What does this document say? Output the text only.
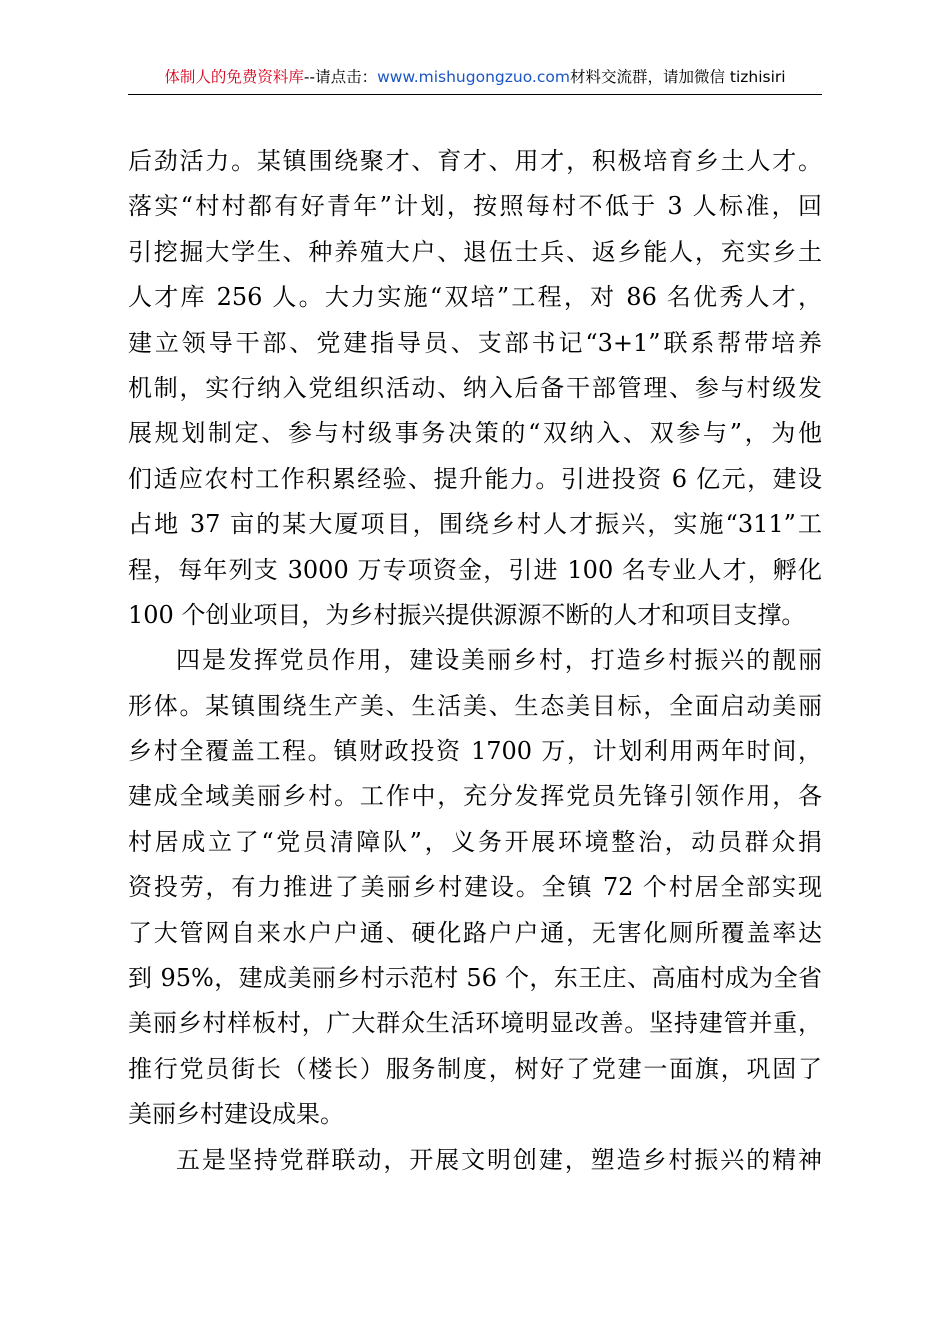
体制人的免费资料库--请点击：www.mishugongzuo.com材料交流群，请加微信 tizhisiri
后劲活力。某镇围绕聚才、育才、用才，积极培育乡土人才。
落实“村村都有好青年”计划，按照每村不低于 3 人标准，回
引挖掘大学生、种养殖大户、退伍士兵、返乡能人，充实乡土
人才库 256 人。大力实施“双培”工程，对 86 名优秀人才，
建立领导干部、党建指导员、支部书记“3+1”联系帮带培养
机制，实行纳入党组织活动、纳入后备干部管理、参与村级发
展规划制定、参与村级事务决策的“双纳入、双参与”，为他
们适应农村工作积累经验、提升能力。引进投资 6 亿元，建设
占地 37 亩的某大厦项目，围绕乡村人才振兴，实施“311”工
程，每年列支 3000 万专项资金，引进 100 名专业人才，孵化
100 个创业项目，为乡村振兴提供源源不断的人才和项目支撑。
四是发挥党员作用，建设美丽乡村，打造乡村振兴的靓丽
形体。某镇围绕生产美、生活美、生态美目标，全面启动美丽
乡村全覆盖工程。镇财政投资 1700 万，计划利用两年时间，
建成全域美丽乡村。工作中，充分发挥党员先锋引领作用，各
村居成立了“党员清障队”，义务开展环境整治，动员群众捐
资投劳，有力推进了美丽乡村建设。全镇 72 个村居全部实现
了大管网自来水户户通、硬化路户户通，无害化厕所覆盖率达
到 95%，建成美丽乡村示范村 56 个，东王庄、高庙村成为全省
美丽乡村样板村，广大群众生活环境明显改善。坚持建管并重，
推行党员街长（楼长）服务制度，树好了党建一面旗，巩固了
美丽乡村建设成果。
五是坚持党群联动，开展文明创建，塑造乡村振兴的精神
